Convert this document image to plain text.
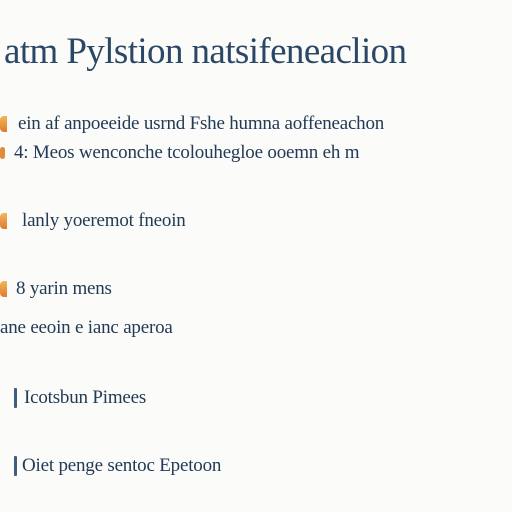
atm Pylstion natsifeneaclion
ein af anpoeeide usrnd Fshe humna aoffeneachon
4: Meos wenconche tcolouhegloe ooemn eh m
lanly yoeremot fneoin
8 yarin mens
ane eeoin e ianc aperoa
Icotsbun Pimees
Oiet penge sentoc Epetoon
